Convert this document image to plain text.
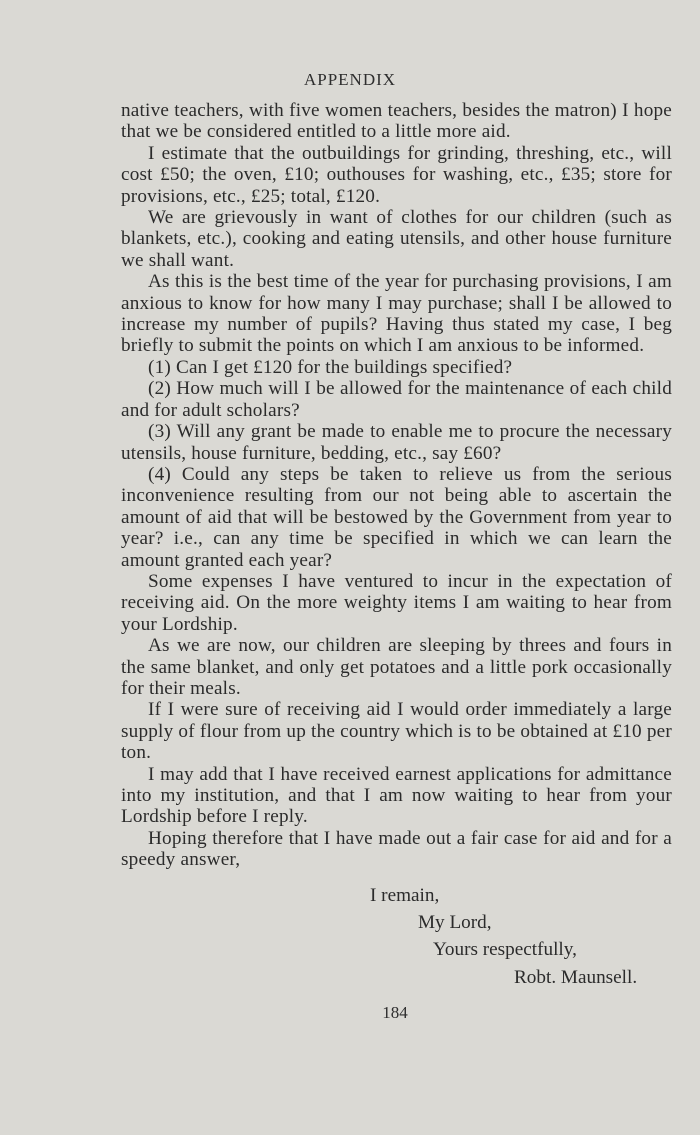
APPENDIX

native teachers, with five women teachers, besides the matron) I hope that we be considered entitled to a little more aid.

I estimate that the outbuildings for grinding, threshing, etc., will cost £50; the oven, £10; outhouses for washing, etc., £35; store for provisions, etc., £25; total, £120.

We are grievously in want of clothes for our children (such as blankets, etc.), cooking and eating utensils, and other house furniture we shall want.

As this is the best time of the year for purchasing provisions, I am anxious to know for how many I may purchase; shall I be allowed to increase my number of pupils? Having thus stated my case, I beg briefly to submit the points on which I am anxious to be informed.

(1) Can I get £120 for the buildings specified?

(2) How much will I be allowed for the maintenance of each child and for adult scholars?

(3) Will any grant be made to enable me to procure the necessary utensils, house furniture, bedding, etc., say £60?

(4) Could any steps be taken to relieve us from the serious inconvenience resulting from our not being able to ascertain the amount of aid that will be bestowed by the Government from year to year? i.e., can any time be specified in which we can learn the amount granted each year?

Some expenses I have ventured to incur in the expectation of receiving aid. On the more weighty items I am waiting to hear from your Lordship.

As we are now, our children are sleeping by threes and fours in the same blanket, and only get potatoes and a little pork occasionally for their meals.

If I were sure of receiving aid I would order immediately a large supply of flour from up the country which is to be obtained at £10 per ton.

I may add that I have received earnest applications for admittance into my institution, and that I am now waiting to hear from your Lordship before I reply.

Hoping therefore that I have made out a fair case for aid and for a speedy answer,

I remain,
My Lord,
Yours respectfully,
Robt. Maunsell.
184
